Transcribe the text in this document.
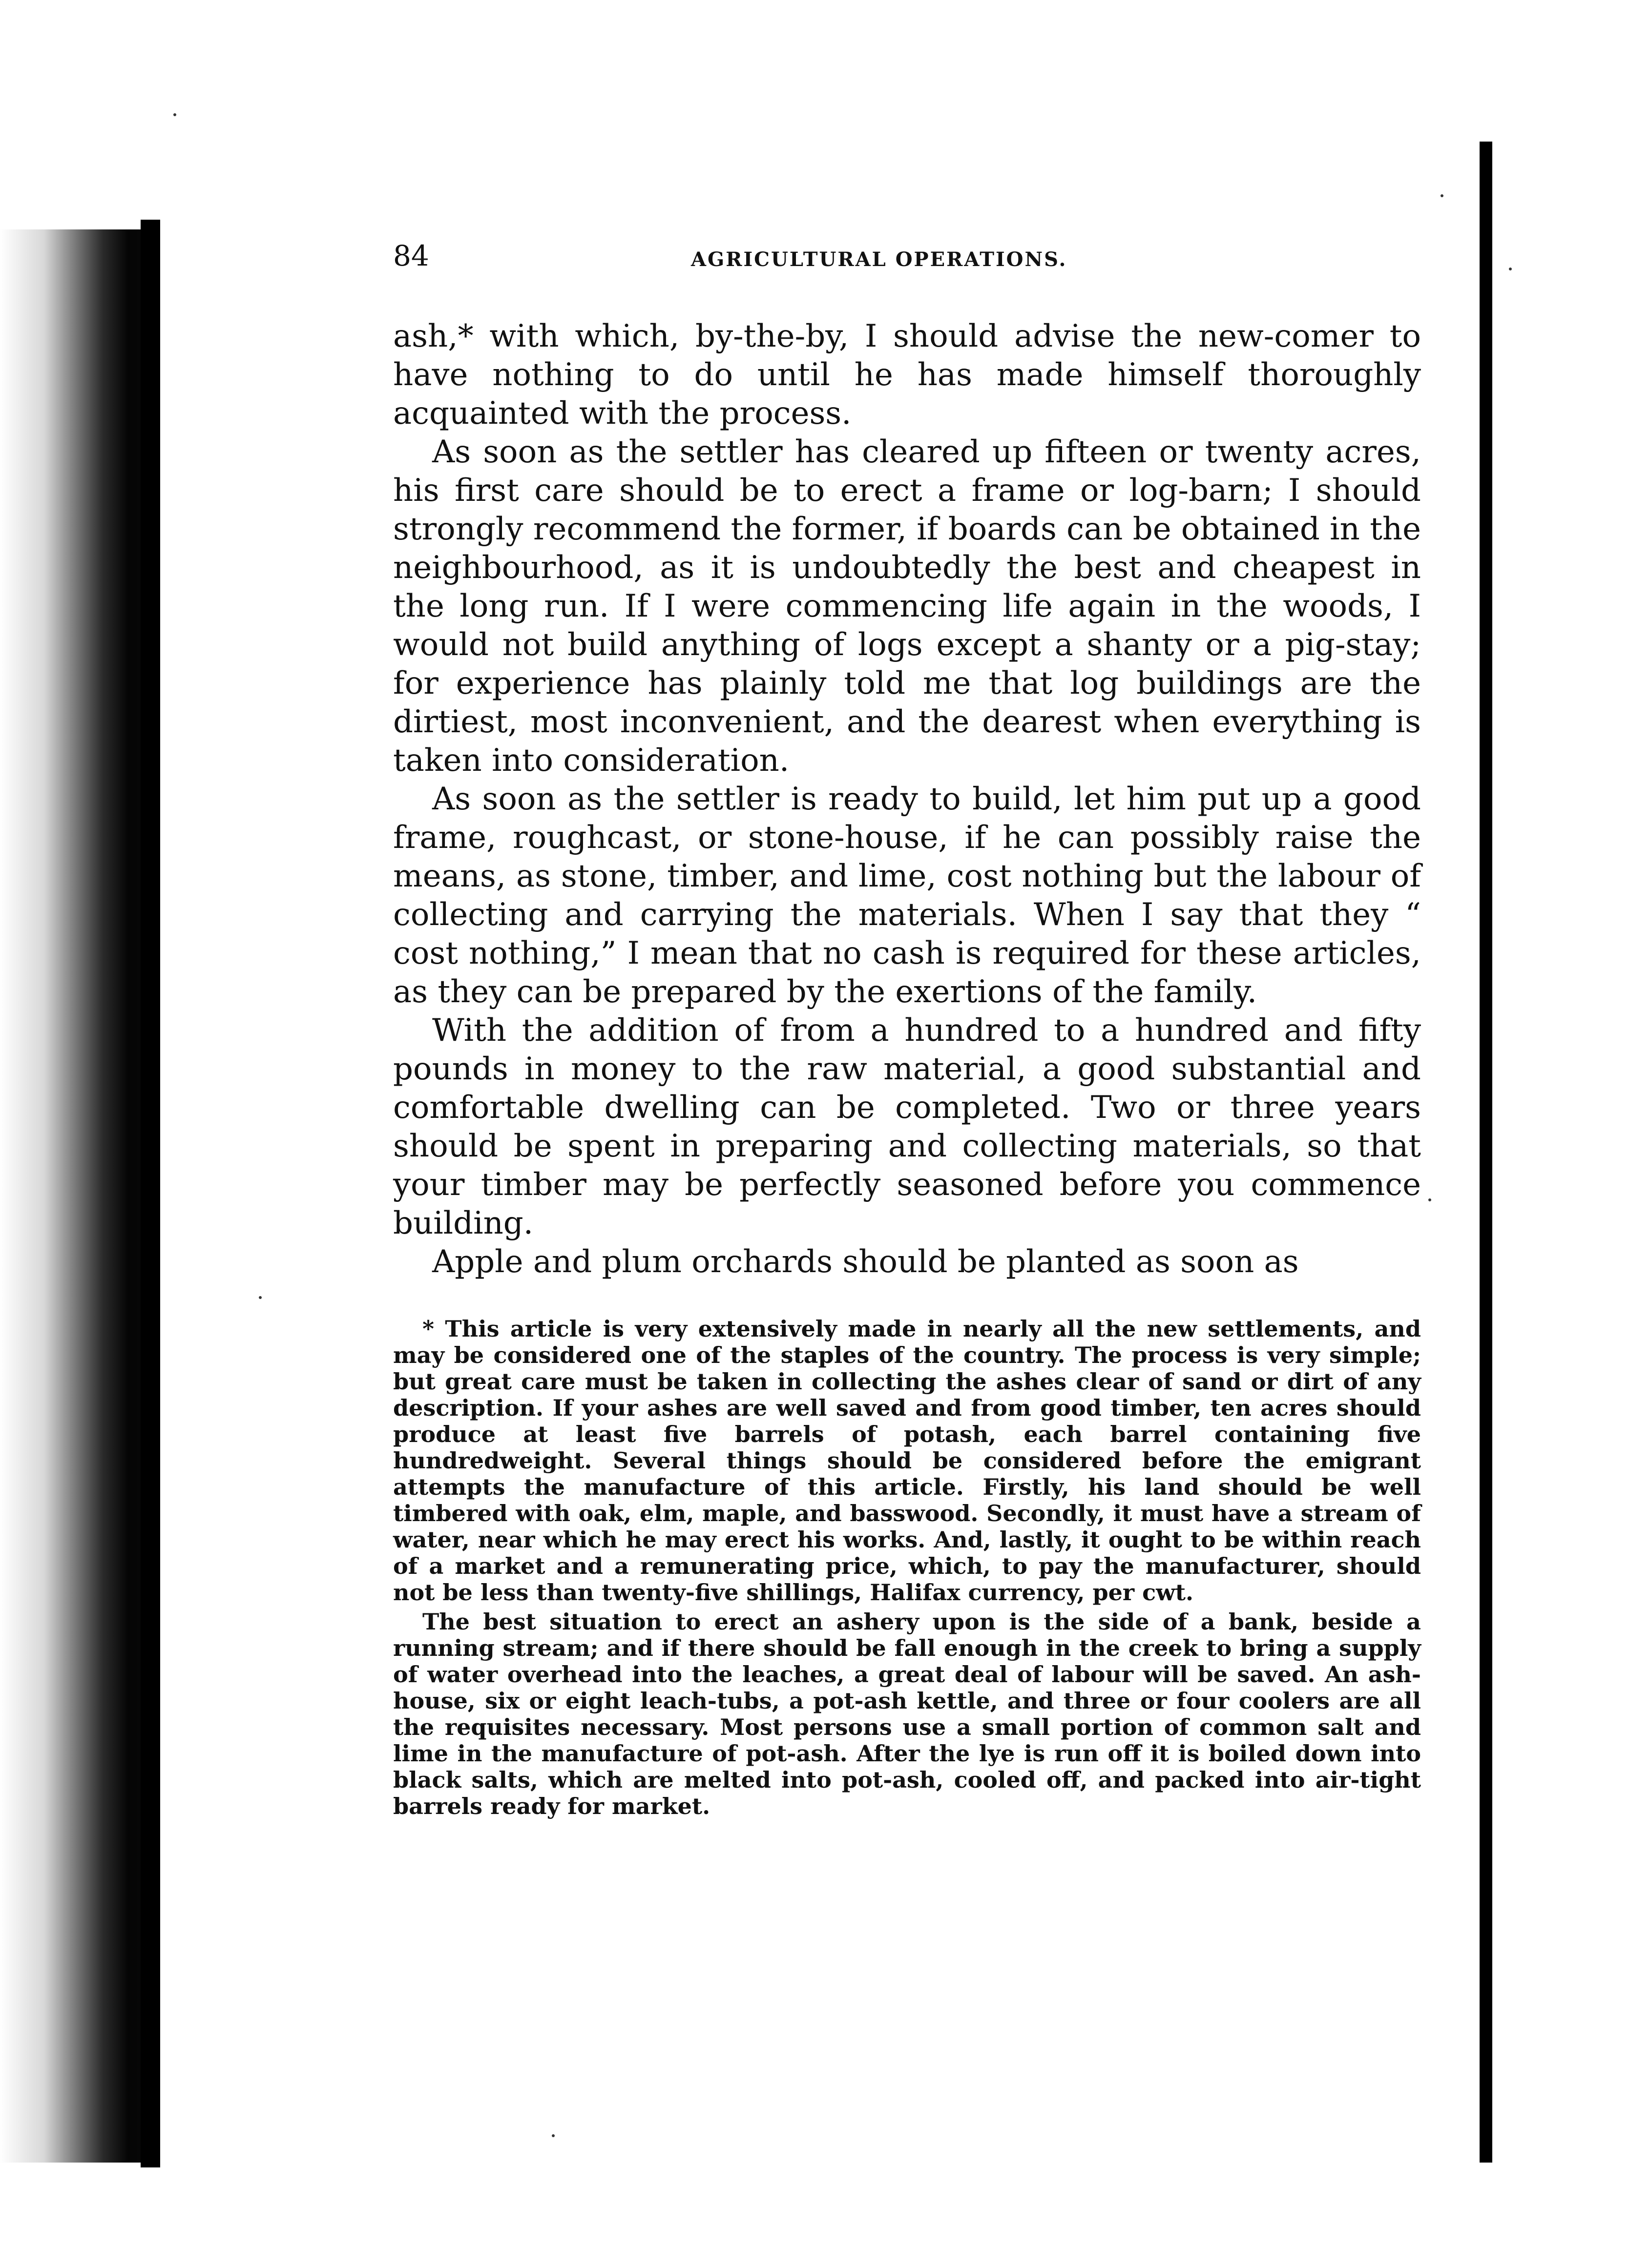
84	AGRICULTURAL OPERATIONS.

ash,* with which, by-the-by, I should advise the new-comer to have nothing to do until he has made himself thoroughly acquainted with the process.

As soon as the settler has cleared up fifteen or twenty acres, his first care should be to erect a frame or log-barn; I should strongly recommend the former, if boards can be obtained in the neighbourhood, as it is undoubtedly the best and cheapest in the long run. If I were commencing life again in the woods, I would not build anything of logs except a shanty or a pig-stay; for experience has plainly told me that log buildings are the dirtiest, most inconvenient, and the dearest when everything is taken into consideration.

As soon as the settler is ready to build, let him put up a good frame, roughcast, or stone-house, if he can possibly raise the means, as stone, timber, and lime, cost nothing but the labour of collecting and carrying the materials. When I say that they “ cost nothing,” I mean that no cash is required for these articles, as they can be prepared by the exertions of the family.

With the addition of from a hundred to a hundred and fifty pounds in money to the raw material, a good substantial and comfortable dwelling can be completed. Two or three years should be spent in preparing and collecting materials, so that your timber may be perfectly seasoned before you commence building.

Apple and plum orchards should be planted as soon as

* This article is very extensively made in nearly all the new settlements, and may be considered one of the staples of the country. The process is very simple; but great care must be taken in collecting the ashes clear of sand or dirt of any description. If your ashes are well saved and from good timber, ten acres should produce at least five barrels of potash, each barrel containing five hundredweight. Several things should be considered before the emigrant attempts the manufacture of this article. Firstly, his land should be well timbered with oak, elm, maple, and basswood. Secondly, it must have a stream of water, near which he may erect his works. And, lastly, it ought to be within reach of a market and a remunerating price, which, to pay the manufacturer, should not be less than twenty-five shillings, Halifax currency, per cwt.

The best situation to erect an ashery upon is the side of a bank, beside a running stream; and if there should be fall enough in the creek to bring a supply of water overhead into the leaches, a great deal of labour will be saved. An ash-house, six or eight leach-tubs, a pot-ash kettle, and three or four coolers are all the requisites necessary. Most persons use a small portion of common salt and lime in the manufacture of pot-ash. After the lye is run off it is boiled down into black salts, which are melted into pot-ash, cooled off, and packed into air-tight barrels ready for market.
